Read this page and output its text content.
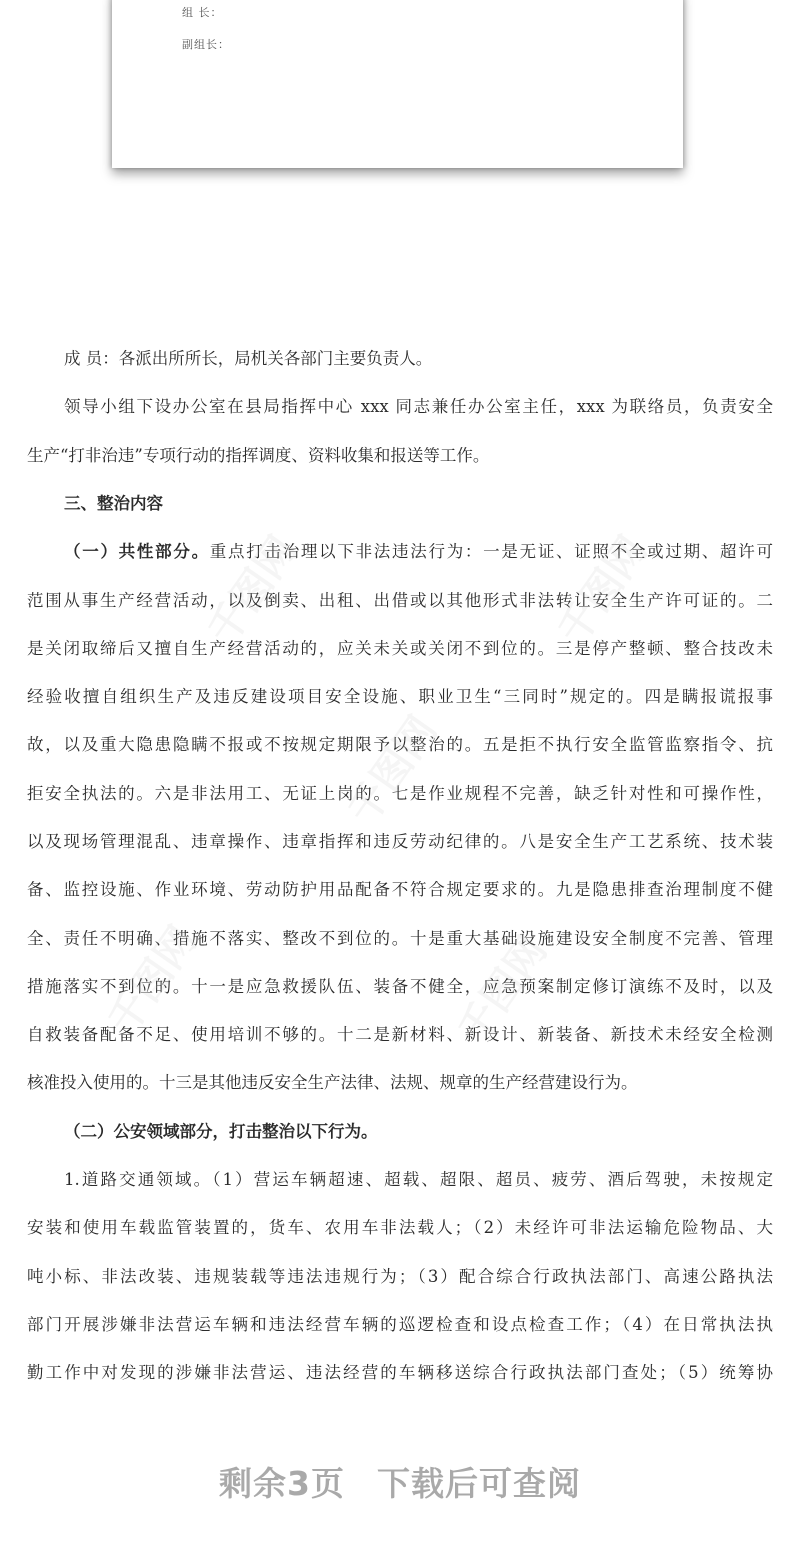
组 长：
副组长：
成 员：各派出所所长，局机关各部门主要负责人。
领导小组下设办公室在县局指挥中心 xxx 同志兼任办公室主任，xxx 为联络员，负责安全
生产“打非治违”专项行动的指挥调度、资料收集和报送等工作。
三、整治内容
（一）共性部分。重点打击治理以下非法违法行为：一是无证、证照不全或过期、超许可
范围从事生产经营活动，以及倒卖、出租、出借或以其他形式非法转让安全生产许可证的。二
是关闭取缔后又擅自生产经营活动的，应关未关或关闭不到位的。三是停产整顿、整合技改未
经验收擅自组织生产及违反建设项目安全设施、职业卫生“三同时”规定的。四是瞒报谎报事
故，以及重大隐患隐瞒不报或不按规定期限予以整治的。五是拒不执行安全监管监察指令、抗
拒安全执法的。六是非法用工、无证上岗的。七是作业规程不完善，缺乏针对性和可操作性，
以及现场管理混乱、违章操作、违章指挥和违反劳动纪律的。八是安全生产工艺系统、技术装
备、监控设施、作业环境、劳动防护用品配备不符合规定要求的。九是隐患排查治理制度不健
全、责任不明确、措施不落实、整改不到位的。十是重大基础设施建设安全制度不完善、管理
措施落实不到位的。十一是应急救援队伍、装备不健全，应急预案制定修订演练不及时，以及
自救装备配备不足、使用培训不够的。十二是新材料、新设计、新装备、新技术未经安全检测
核准投入使用的。十三是其他违反安全生产法律、法规、规章的生产经营建设行为。
（二）公安领域部分，打击整治以下行为。
1.道路交通领域。（1）营运车辆超速、超载、超限、超员、疲劳、酒后驾驶，未按规定
安装和使用车载监管装置的，货车、农用车非法载人；（2）未经许可非法运输危险物品、大
吨小标、非法改装、违规装载等违法违规行为；（3）配合综合行政执法部门、高速公路执法
部门开展涉嫌非法营运车辆和违法经营车辆的巡逻检查和设点检查工作；（4）在日常执法执
勤工作中对发现的涉嫌非法营运、违法经营的车辆移送综合行政执法部门查处；（5）统筹协
剩余3页 下载后可查阅
千图网	千图网
千图网
千图网	千图网
